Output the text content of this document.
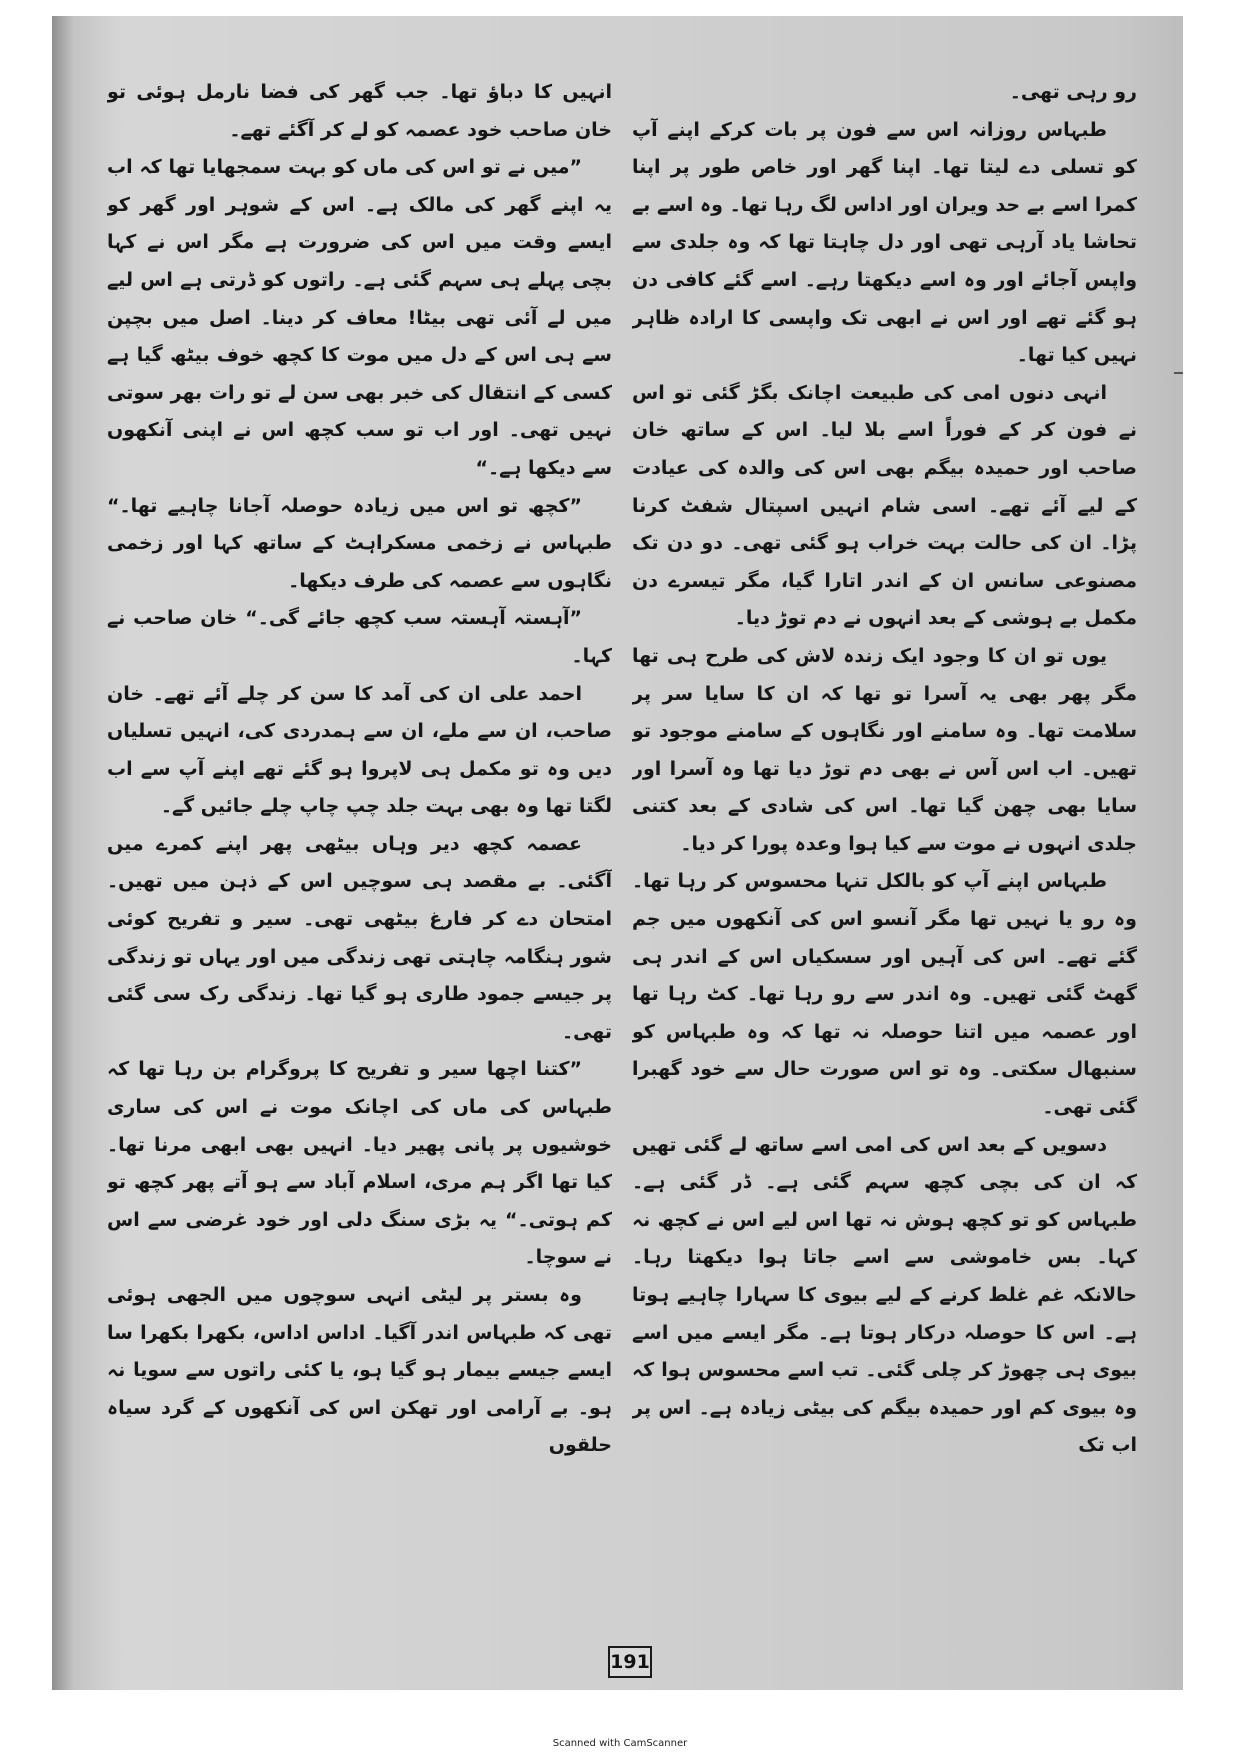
رو رہی تھی۔

طبہاس روزانہ اس سے فون پر بات کرکے اپنے آپ کو تسلی دے لیتا تھا۔ اپنا گھر اور خاص طور پر اپنا کمرا اسے بے حد ویران اور اداس لگ رہا تھا۔ وہ اسے بے تحاشا یاد آرہی تھی اور دل چاہتا تھا کہ وہ جلدی سے واپس آجائے اور وہ اسے دیکھتا رہے۔ اسے گئے کافی دن ہو گئے تھے اور اس نے ابھی تک واپسی کا ارادہ ظاہر نہیں کیا تھا۔

انہی دنوں امی کی طبیعت اچانک بگڑ گئی تو اس نے فون کر کے فوراً اسے بلا لیا۔ اس کے ساتھ خان صاحب اور حمیدہ بیگم بھی اس کی والدہ کی عیادت کے لیے آئے تھے۔ اسی شام انہیں اسپتال شفٹ کرنا پڑا۔ ان کی حالت بہت خراب ہو گئی تھی۔ دو دن تک مصنوعی سانس ان کے اندر اتارا گیا، مگر تیسرے دن مکمل بے ہوشی کے بعد انہوں نے دم توڑ دیا۔

یوں تو ان کا وجود ایک زندہ لاش کی طرح ہی تھا مگر پھر بھی یہ آسرا تو تھا کہ ان کا سایا سر پر سلامت تھا۔ وہ سامنے اور نگاہوں کے سامنے موجود تو تھیں۔ اب اس آس نے بھی دم توڑ دیا تھا وہ آسرا اور سایا بھی چھن گیا تھا۔ اس کی شادی کے بعد کتنی جلدی انہوں نے موت سے کیا ہوا وعدہ پورا کر دیا۔

طبہاس اپنے آپ کو بالکل تنہا محسوس کر رہا تھا۔ وہ رو یا نہیں تھا مگر آنسو اس کی آنکھوں میں جم گئے تھے۔ اس کی آہیں اور سسکیاں اس کے اندر ہی گھٹ گئی تھیں۔ وہ اندر سے رو رہا تھا۔ کٹ رہا تھا اور عصمہ میں اتنا حوصلہ نہ تھا کہ وہ طبہاس کو سنبھال سکتی۔ وہ تو اس صورت حال سے خود گھبرا گئی تھی۔

دسویں کے بعد اس کی امی اسے ساتھ لے گئی تھیں کہ ان کی بچی کچھ سہم گئی ہے۔ ڈر گئی ہے۔ طبہاس کو تو کچھ ہوش نہ تھا اس لیے اس نے کچھ نہ کہا۔ بس خاموشی سے اسے جاتا ہوا دیکھتا رہا۔ حالانکہ غم غلط کرنے کے لیے بیوی کا سہارا چاہیے ہوتا ہے۔ اس کا حوصلہ درکار ہوتا ہے۔ مگر ایسے میں اسے بیوی ہی چھوڑ کر چلی گئی۔ تب اسے محسوس ہوا کہ وہ بیوی کم اور حمیدہ بیگم کی بیٹی زیادہ ہے۔ اس پر اب تک

انہیں کا دباؤ تھا۔ جب گھر کی فضا نارمل ہوئی تو خان صاحب خود عصمہ کو لے کر آگئے تھے۔

”میں نے تو اس کی ماں کو بہت سمجھایا تھا کہ اب یہ اپنے گھر کی مالک ہے۔ اس کے شوہر اور گھر کو ایسے وقت میں اس کی ضرورت ہے مگر اس نے کہا بچی پہلے ہی سہم گئی ہے۔ راتوں کو ڈرتی ہے اس لیے میں لے آئی تھی بیٹا! معاف کر دینا۔ اصل میں بچپن سے ہی اس کے دل میں موت کا کچھ خوف بیٹھ گیا ہے کسی کے انتقال کی خبر بھی سن لے تو رات بھر سوتی نہیں تھی۔ اور اب تو سب کچھ اس نے اپنی آنکھوں سے دیکھا ہے۔“

”کچھ تو اس میں زیادہ حوصلہ آجانا چاہیے تھا۔“ طبہاس نے زخمی مسکراہٹ کے ساتھ کہا اور زخمی نگاہوں سے عصمہ کی طرف دیکھا۔

”آہستہ آہستہ سب کچھ جائے گی۔“ خان صاحب نے کہا۔

احمد علی ان کی آمد کا سن کر چلے آئے تھے۔ خان صاحب، ان سے ملے، ان سے ہمدردی کی، انہیں تسلیاں دیں وہ تو مکمل ہی لاپروا ہو گئے تھے اپنے آپ سے اب لگتا تھا وہ بھی بہت جلد چپ چاپ چلے جائیں گے۔

عصمہ کچھ دیر وہاں بیٹھی پھر اپنے کمرے میں آگئی۔ بے مقصد ہی سوچیں اس کے ذہن میں تھیں۔ امتحان دے کر فارغ بیٹھی تھی۔ سیر و تفریح کوئی شور ہنگامہ چاہتی تھی زندگی میں اور یہاں تو زندگی پر جیسے جمود طاری ہو گیا تھا۔ زندگی رک سی گئی تھی۔

”کتنا اچھا سیر و تفریح کا پروگرام بن رہا تھا کہ طبہاس کی ماں کی اچانک موت نے اس کی ساری خوشیوں پر پانی پھیر دیا۔ انہیں بھی ابھی مرنا تھا۔ کیا تھا اگر ہم مری، اسلام آباد سے ہو آتے پھر کچھ تو کم ہوتی۔“ یہ بڑی سنگ دلی اور خود غرضی سے اس نے سوچا۔

وہ بستر پر لیٹی انہی سوچوں میں الجھی ہوئی تھی کہ طبہاس اندر آگیا۔ اداس اداس، بکھرا بکھرا سا ایسے جیسے بیمار ہو گیا ہو، یا کئی راتوں سے سویا نہ ہو۔ بے آرامی اور تھکن اس کی آنکھوں کے گرد سیاہ حلقوں

191
Scanned with CamScanner
